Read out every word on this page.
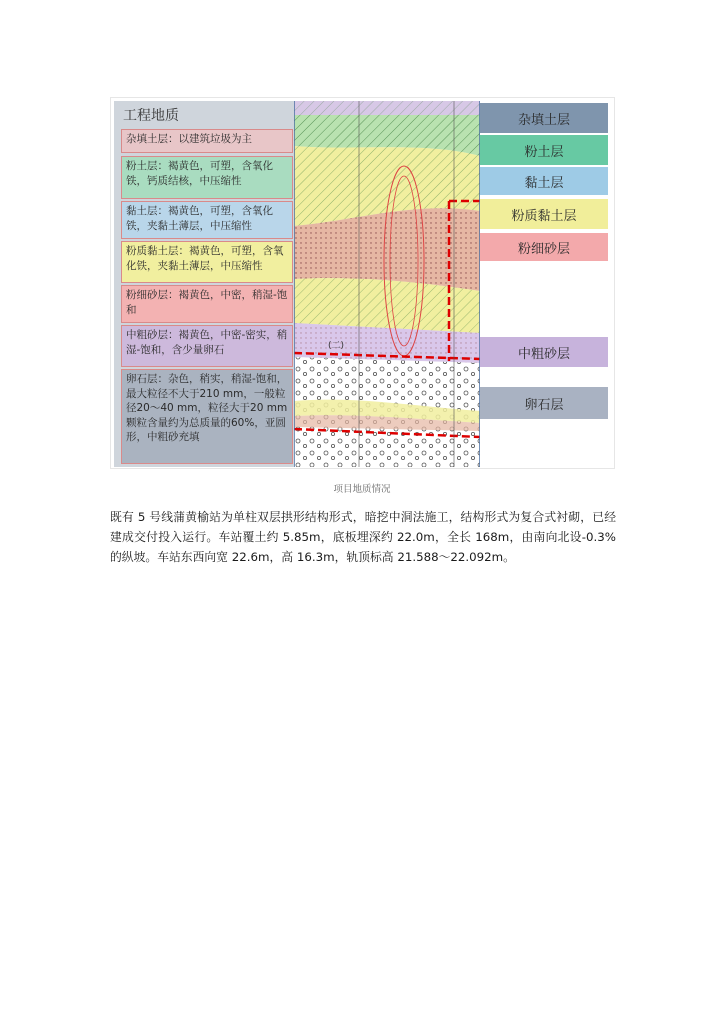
工程地质
杂填土层：以建筑垃圾为主
粉土层：褐黄色，可塑，含氧化铁，钙质结核，中压缩性
黏土层：褐黄色，可塑，含氧化铁，夹黏土薄层，中压缩性
粉质黏土层：褐黄色，可塑，含氧化铁，夹黏土薄层，中压缩性
粉细砂层：褐黄色，中密，稍湿-饱和
中粗砂层：褐黄色，中密-密实，稍湿-饱和，含少量卵石
卵石层：杂色，稍实，稍湿-饱和，最大粒径不大于210 mm，一般粒径20～40 mm，粒径大于20 mm颗粒含量约为总质量的60%，亚圆形，中粗砂充填
(二)
杂填土层
粉土层
黏土层
粉质黏土层
粉细砂层
中粗砂层
卵石层
项目地质情况
既有 5 号线蒲黄榆站为单柱双层拱形结构形式，暗挖中洞法施工，结构形式为复合式衬砌，已经建成交付投入运行。车站覆土约 5.85m，底板埋深约 22.0m，全长 168m，由南向北设-0.3%的纵坡。车站东西向宽 22.6m，高 16.3m，轨顶标高 21.588～22.092m。
